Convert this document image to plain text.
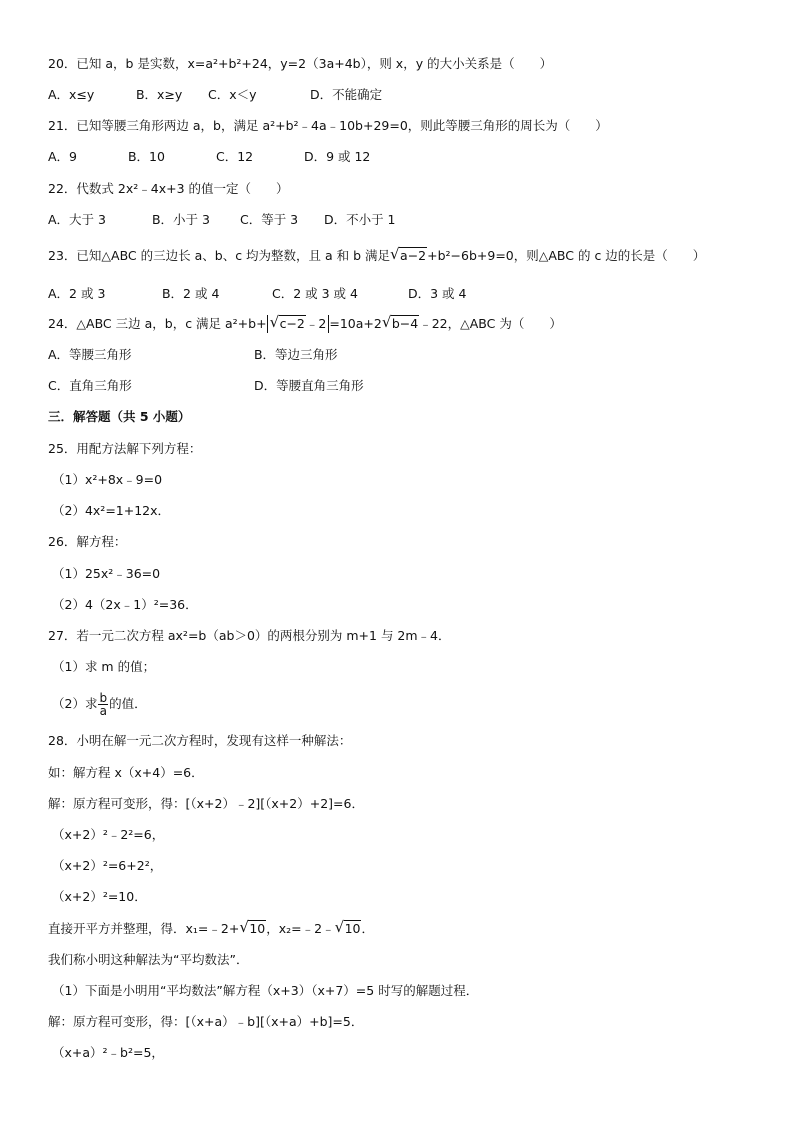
20．已知 a，b 是实数，x=a²+b²+24，y=2（3a+4b），则 x，y 的大小关系是（　　）
A．x≤y	B．x≥y C．x＜y	D．不能确定
21．已知等腰三角形两边 a，b，满足 a²+b²﹣4a﹣10b+29=0，则此等腰三角形的周长为（　　）
A．9	B．10	C．12	D．9 或 12
22．代数式 2x²﹣4x+3 的值一定（　　）
A．大于 3	B．小于 3 C．等于 3 D．不小于 1
23．已知△ABC 的三边长 a、b、c 均为整数，且 a 和 b 满足 √ a−2+b²−6b+9=0，则△ABC 的 c 边的长是（　　）
A．2 或 3	B．2 或 4	C．2 或 3 或 4	D．3 或 4
24．△ABC 三边 a，b，c 满足 a²+b+ √ c−2﹣2 =10a+2 √ b−4﹣22，△ABC 为（　　）
A．等腰三角形	B．等边三角形
C．直角三角形	D．等腰直角三角形
三．解答题（共 5 小题）
25．用配方法解下列方程：
（1）x²+8x﹣9=0
（2）4x²=1+12x．
26．解方程：
（1）25x²﹣36=0
（2）4（2x﹣1）²=36．
27．若一元二次方程 ax²=b（ab＞0）的两根分别为 m+1 与 2m﹣4．
（1）求 m 的值；
（2）求 $\frac{b}{a}$ 的值．
28．小明在解一元二次方程时，发现有这样一种解法：
如：解方程 x（x+4）=6．
解：原方程可变形，得：[（x+2）﹣2][（x+2）+2]=6．
（x+2）²﹣2²=6，
（x+2）²=6+2²，
（x+2）²=10．
直接开平方并整理，得．x₁=﹣2+ √ 10，x₂=﹣2﹣ √ 10．
我们称小明这种解法为“平均数法”．
（1）下面是小明用“平均数法”解方程（x+3）（x+7）=5 时写的解题过程．
解：原方程可变形，得：[（x+a）﹣b][（x+a）+b]=5．
（x+a）²﹣b²=5，
